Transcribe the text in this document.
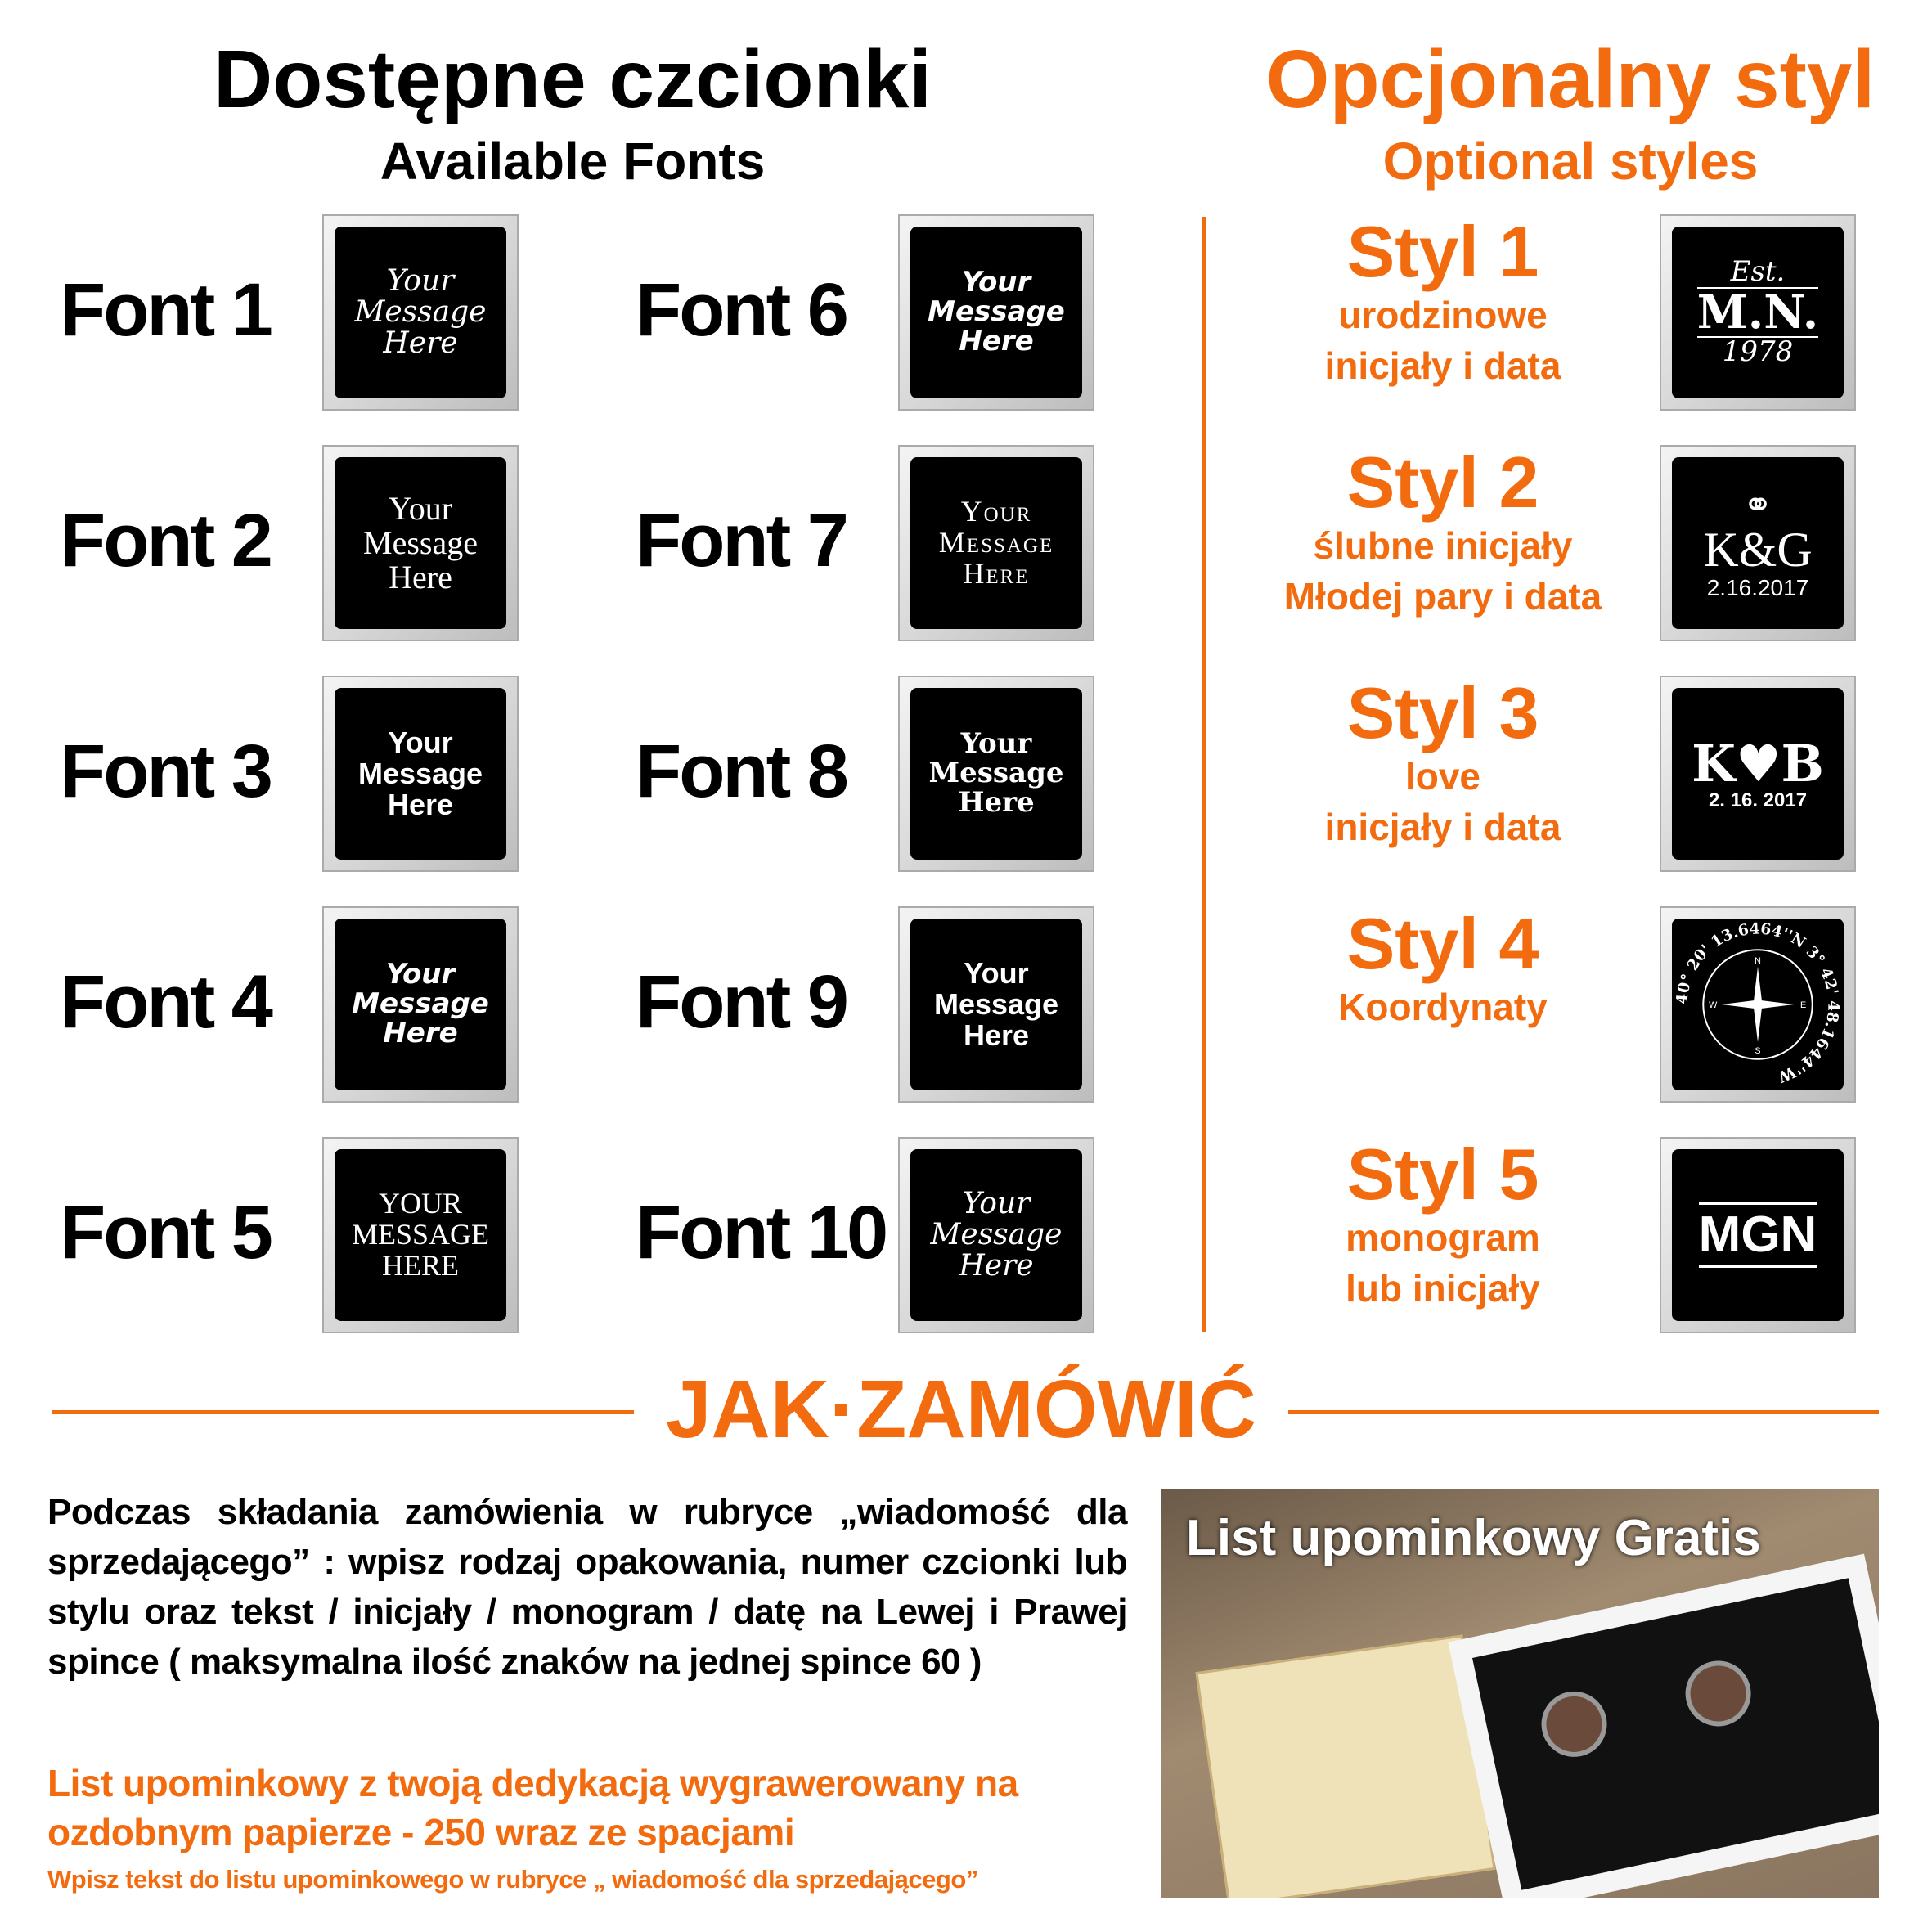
Dostępne czcionki
Available Fonts
Opcjonalny styl
Optional styles
Font 1	Your
Message
Here
Font 2	Your
Message
Here
Font 3	Your
Message
Here
Font 4	Your
Message
Here
Font 5	YOUR
MESSAGE
HERE
Font 6	Your
Message
Here
Font 7	Your
Message
Here
Font 8	Your
Message
Here
Font 9	Your
Message
Here
Font 10	Your
Message
Here
Styl 1
urodzinowe
inicjały i data
Est.
M.N.
1978
Styl 2
ślubne inicjały
Młodej pary i data
⚭
K&G
2.16.2017
Styl 3
love
inicjały i data
K♥B
2. 16. 2017
Styl 4
Koordynaty	40° 20' 13.6464''N 3° 42' 48.1644''W
N
E
S
W
Styl 5
monogram
lub inicjały
MGN
JAK·ZAMÓWIĆ
Podczas składania zamówienia w rubryce „wiadomość dla sprzedającego” : wpisz rodzaj opakowania, numer czcionki lub stylu oraz tekst / inicjały / monogram / datę na Lewej i Prawej spince ( maksymalna ilość znaków na jednej spince 60 )
List upominkowy z twoją dedykacją wygrawerowany na ozdobnym papierze - 250 wraz ze spacjami
Wpisz tekst do listu upominkowego w rubryce „ wiadomość dla sprzedającego”
List upominkowy Gratis
